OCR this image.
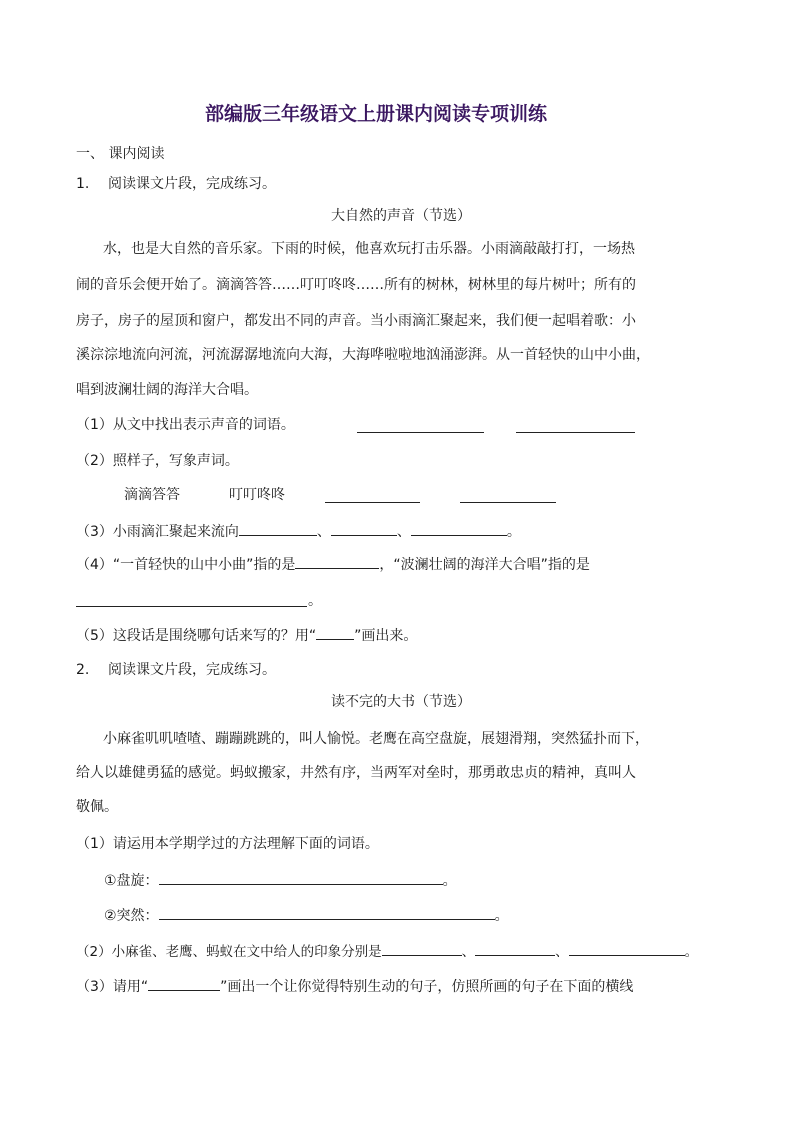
部编版三年级语文上册课内阅读专项训练
一、 课内阅读
1. 阅读课文片段，完成练习。
大自然的声音（节选）
水，也是大自然的音乐家。下雨的时候，他喜欢玩打击乐器。小雨滴敲敲打打，一场热
闹的音乐会便开始了。滴滴答答……叮叮咚咚……所有的树林，树林里的每片树叶；所有的
房子，房子的屋顶和窗户，都发出不同的声音。当小雨滴汇聚起来，我们便一起唱着歌：小
溪淙淙地流向河流，河流潺潺地流向大海，大海哗啦啦地汹涌澎湃。从一首轻快的山中小曲，
唱到波澜壮阔的海洋大合唱。
（1）从文中找出表示声音的词语。
（2）照样子，写象声词。
滴滴答答	叮叮咚咚
（3）小雨滴汇聚起来流向	、	、	。
（4）“一首轻快的山中小曲”指的是	，“波澜壮阔的海洋大合唱”指的是
。
（5）这段话是围绕哪句话来写的？用“	”画出来。
2. 阅读课文片段，完成练习。
读不完的大书（节选）
小麻雀叽叽喳喳、蹦蹦跳跳的，叫人愉悦。老鹰在高空盘旋，展翅滑翔，突然猛扑而下，
给人以雄健勇猛的感觉。蚂蚁搬家，井然有序，当两军对垒时，那勇敢忠贞的精神，真叫人
敬佩。
（1）请运用本学期学过的方法理解下面的词语。
①盘旋：	。
②突然：	。
（2）小麻雀、老鹰、蚂蚁在文中给人的印象分别是	、	、	。
（3）请用“	”画出一个让你觉得特别生动的句子，仿照所画的句子在下面的横线
